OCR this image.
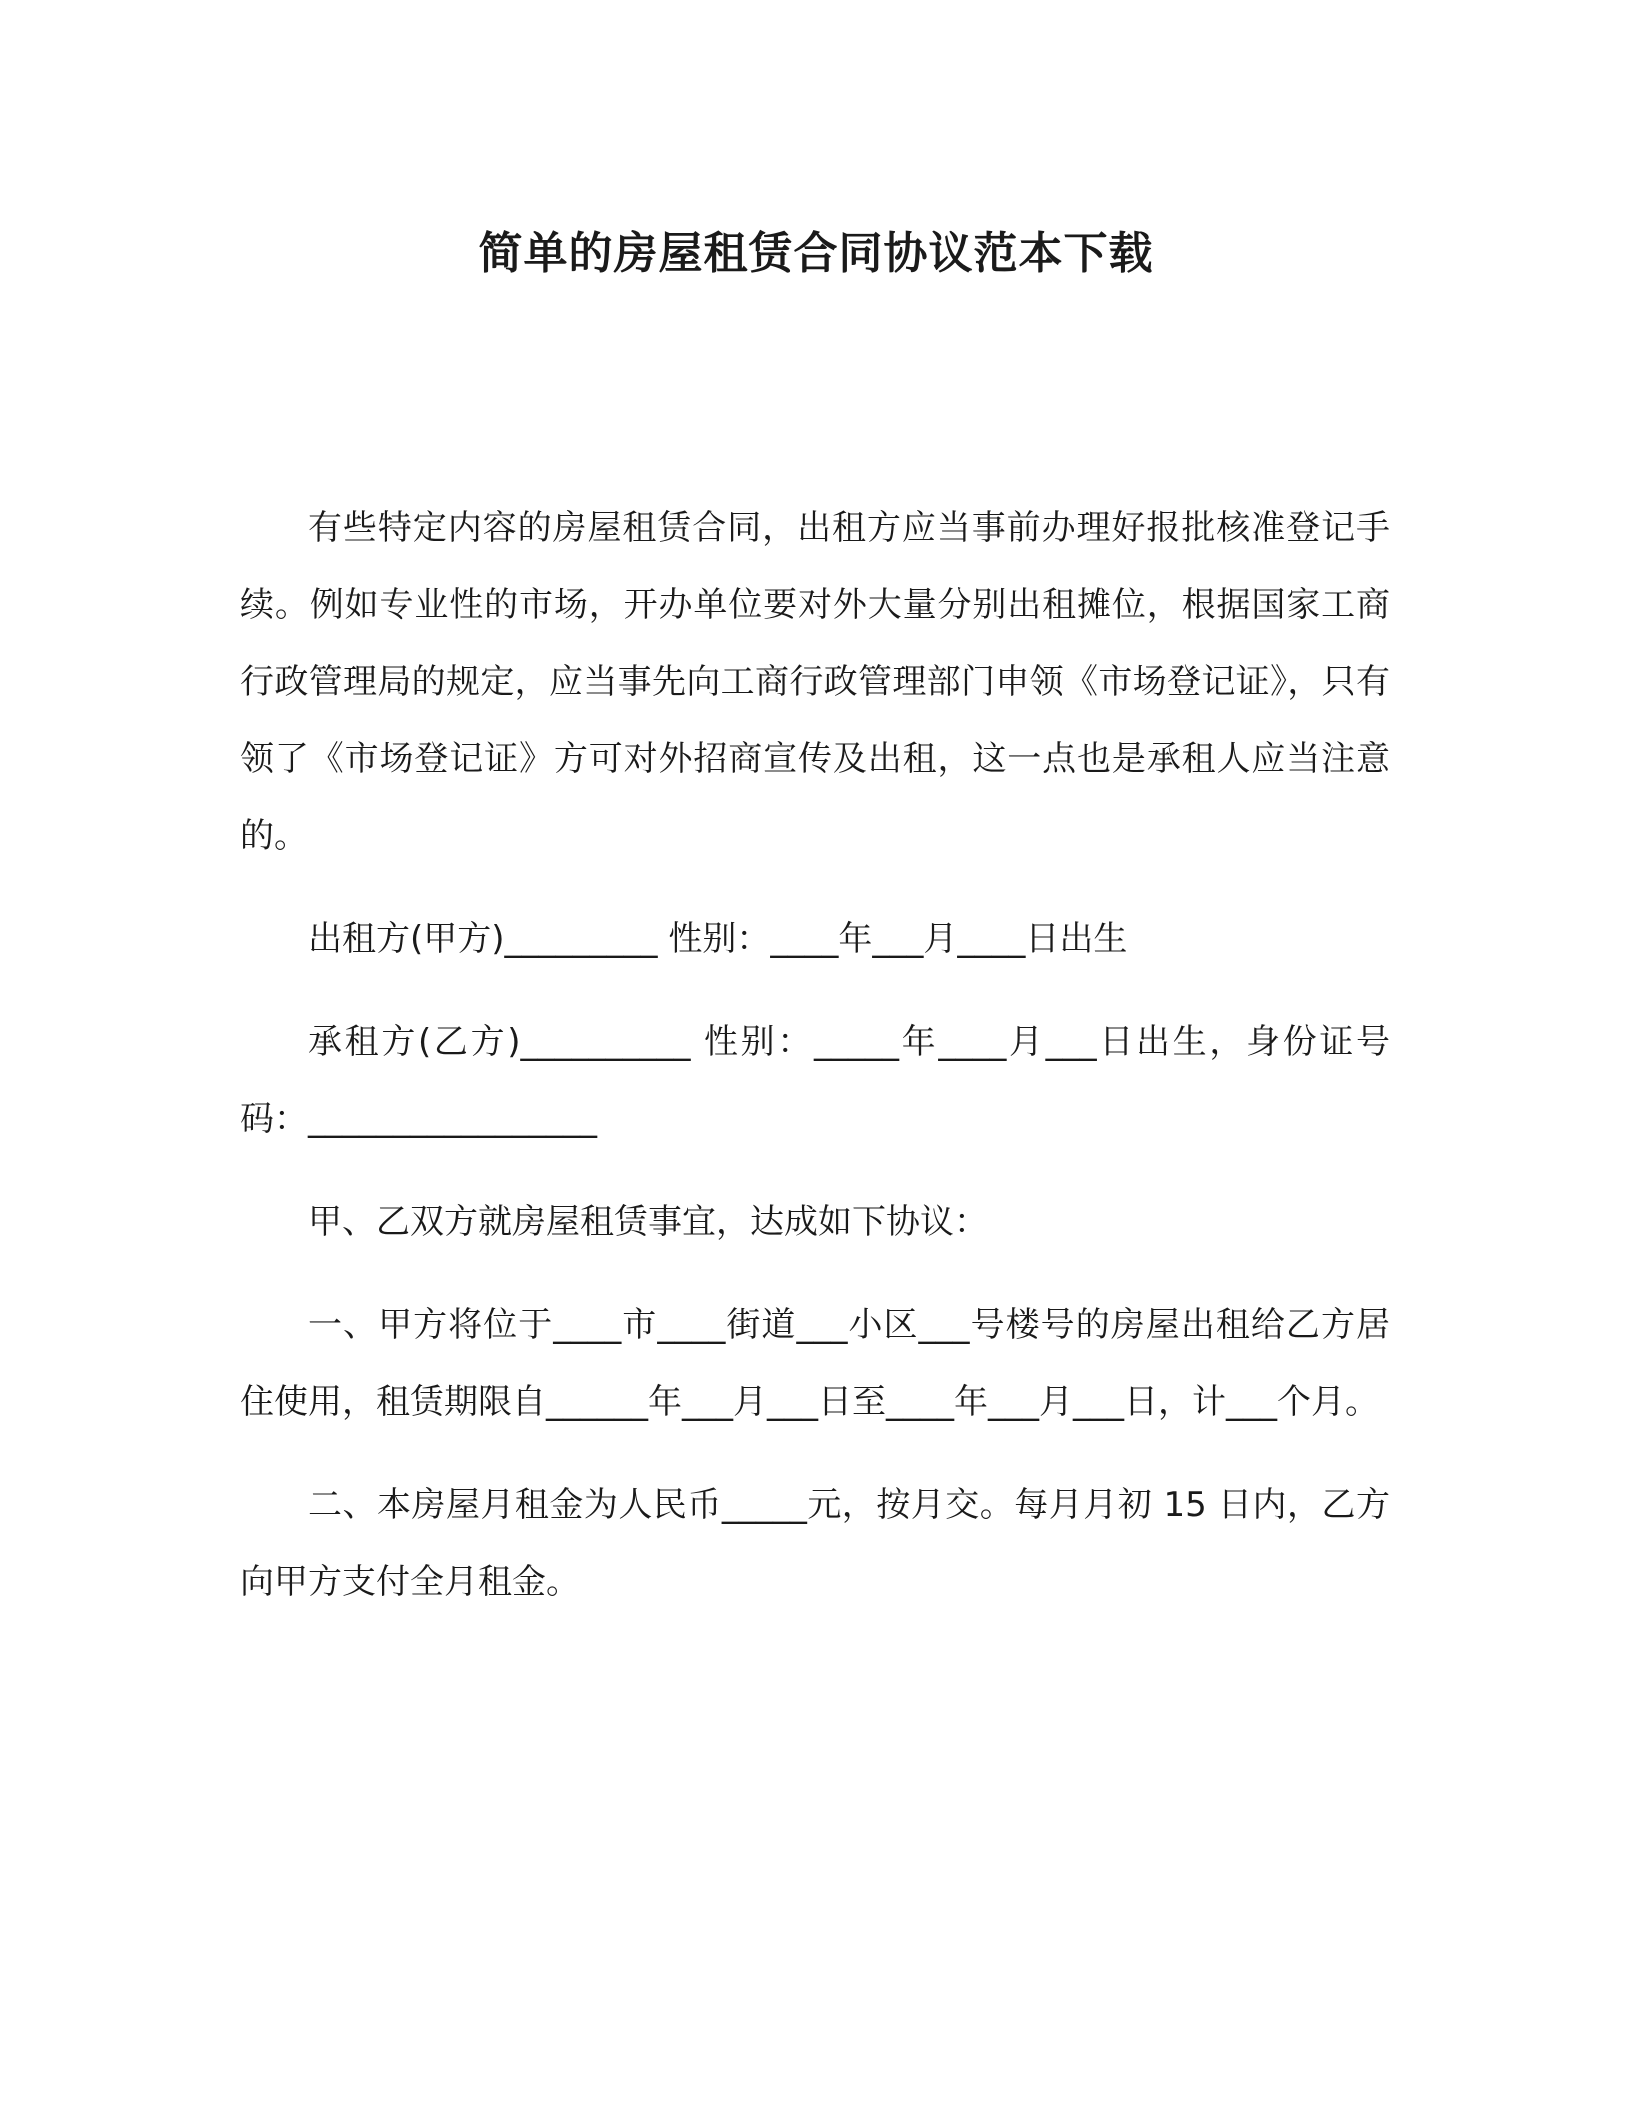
简单的房屋租赁合同协议范本下载

有些特定内容的房屋租赁合同，出租方应当事前办理好报批核准登记手续。例如专业性的市场，开办单位要对外大量分别出租摊位，根据国家工商行政管理局的规定，应当事先向工商行政管理部门申领《市场登记证》，只有领了《市场登记证》方可对外招商宣传及出租，这一点也是承租人应当注意的。

出租方(甲方)_________ 性别：____年___月____日出生

承租方(乙方)__________ 性别：_____年____月___日出生，身份证号码：_________________

甲、乙双方就房屋租赁事宜，达成如下协议：

一、甲方将位于____市____街道___小区___号楼号的房屋出租给乙方居住使用，租赁期限自______年___月___日至____年___月___日，计___个月。

二、本房屋月租金为人民币_____元，按月交。每月月初 15 日内，乙方向甲方支付全月租金。
